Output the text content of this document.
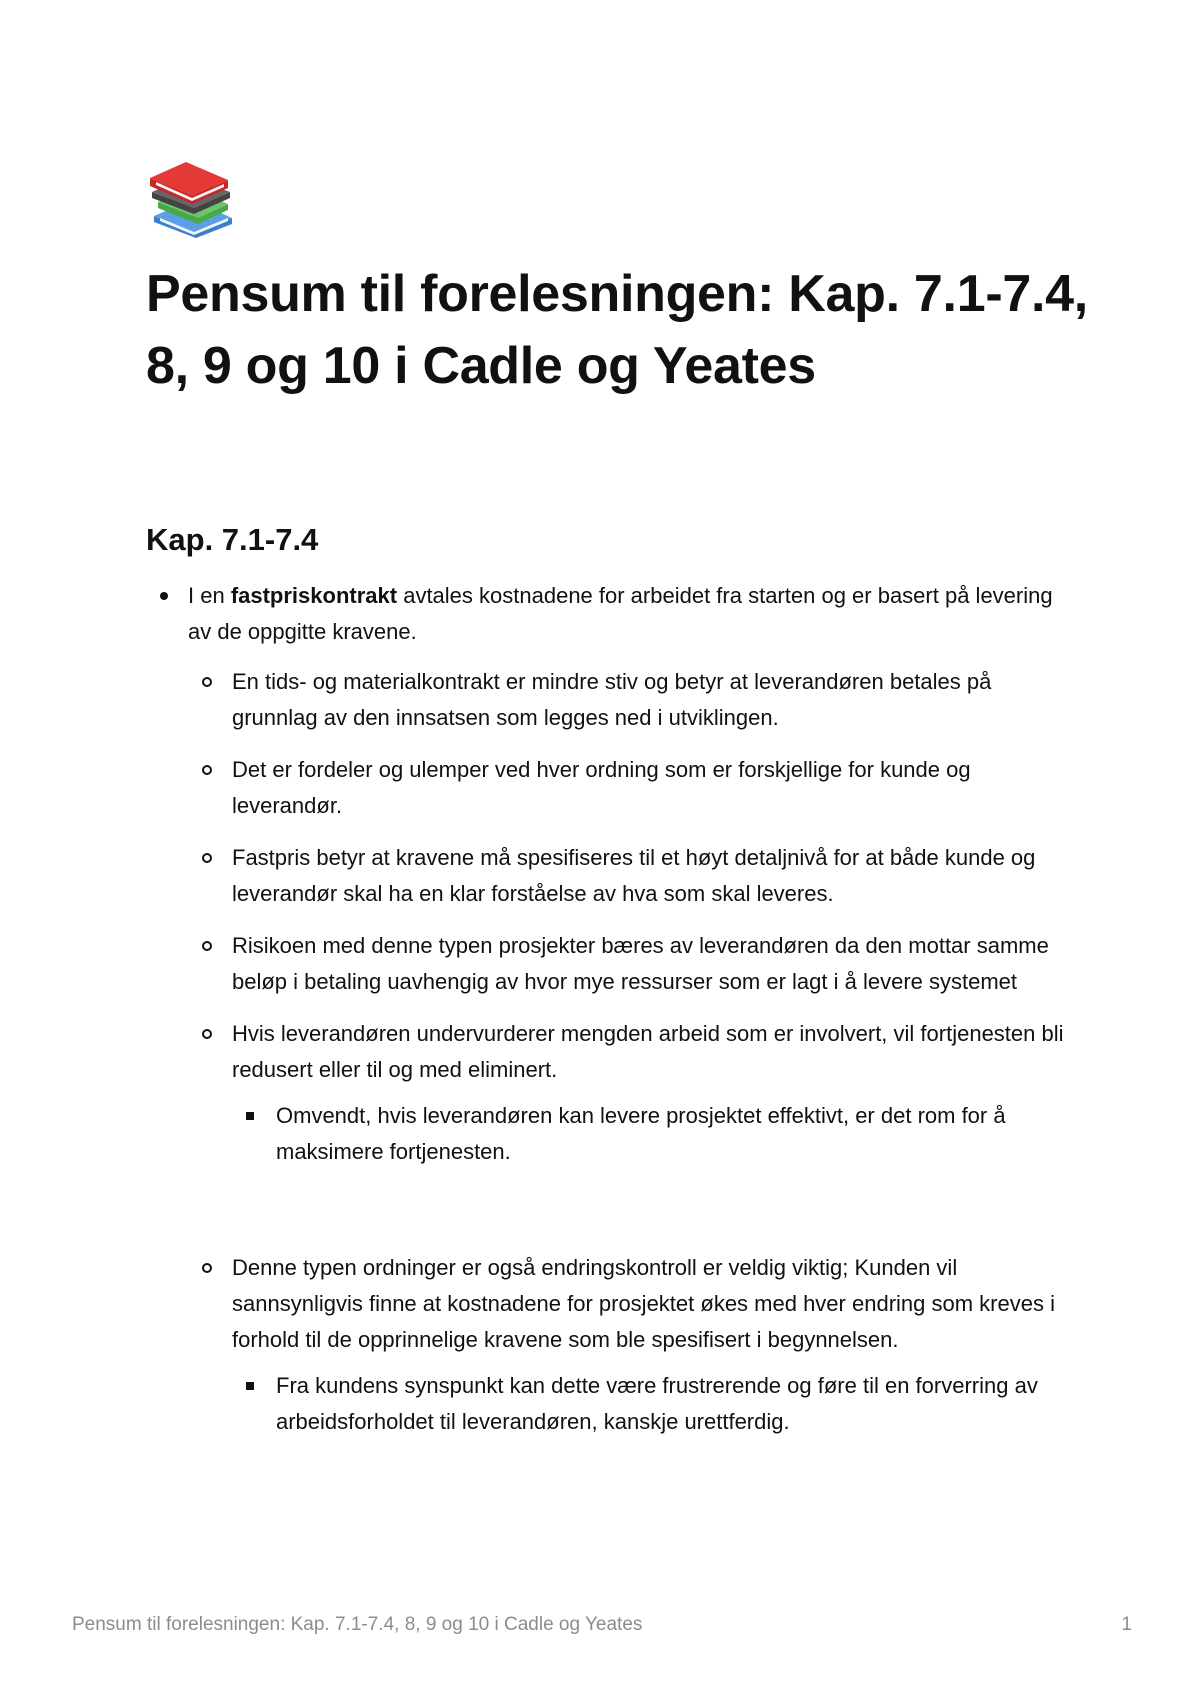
Pensum til forelesningen: Kap. 7.1-7.4, 8, 9 og 10 i Cadle og Yeates
Kap. 7.1-7.4
I en fastpriskontrakt avtales kostnadene for arbeidet fra starten og er basert på levering av de oppgitte kravene.
En tids- og materialkontrakt er mindre stiv og betyr at leverandøren betales på grunnlag av den innsatsen som legges ned i utviklingen.
Det er fordeler og ulemper ved hver ordning som er forskjellige for kunde og leverandør.
Fastpris betyr at kravene må spesifiseres til et høyt detaljnivå for at både kunde og leverandør skal ha en klar forståelse av hva som skal leveres.
Risikoen med denne typen prosjekter bæres av leverandøren da den mottar samme beløp i betaling uavhengig av hvor mye ressurser som er lagt i å levere systemet
Hvis leverandøren undervurderer mengden arbeid som er involvert, vil fortjenesten bli redusert eller til og med eliminert.
Omvendt, hvis leverandøren kan levere prosjektet effektivt, er det rom for å maksimere fortjenesten.
Denne typen ordninger er også endringskontroll er veldig viktig; Kunden vil sannsynligvis finne at kostnadene for prosjektet økes med hver endring som kreves i forhold til de opprinnelige kravene som ble spesifisert i begynnelsen.
Fra kundens synspunkt kan dette være frustrerende og føre til en forverring av arbeidsforholdet til leverandøren, kanskje urettferdig.
Pensum til forelesningen: Kap. 7.1-7.4, 8, 9 og 10 i Cadle og Yeates	1
